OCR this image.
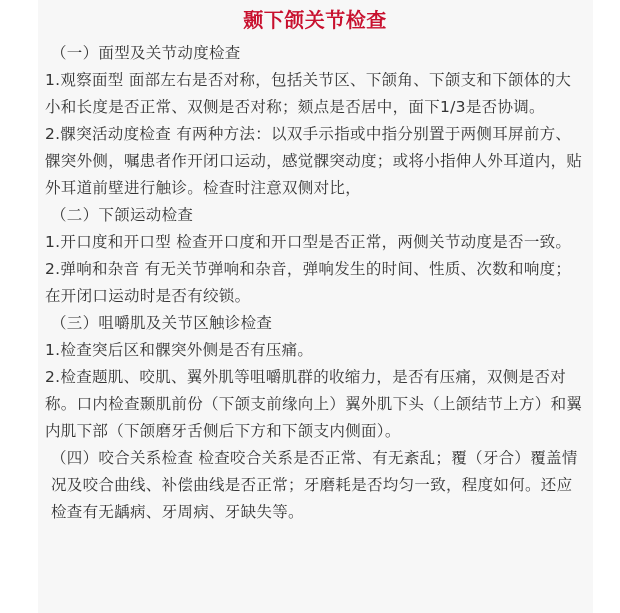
颞下颌关节检查

（一）面型及关节动度检查

1.观察面型 面部左右是否对称，包括关节区、下颌角、下颌支和下颌体的大小和长度是否正常、双侧是否对称；颏点是否居中，面下1/3是否协调。

2.髁突活动度检查 有两种方法：以双手示指或中指分别置于两侧耳屏前方、髁突外侧，嘱患者作开闭口运动，感觉髁突动度；或将小指伸人外耳道内，贴外耳道前壁进行触诊。检查时注意双侧对比，

（二）下颌运动检查

1.开口度和开口型 检查开口度和开口型是否正常，两侧关节动度是否一致。

2.弹响和杂音 有无关节弹响和杂音，弹响发生的时间、性质、次数和响度；在开闭口运动时是否有绞锁。

（三）咀嚼肌及关节区触诊检查

1.检查突后区和髁突外侧是否有压痛。

2.检查题肌、咬肌、翼外肌等咀嚼肌群的收缩力，是否有压痛，双侧是否对称。口内检查颞肌前份（下颌支前缘向上）翼外肌下头（上颌结节上方）和翼内肌下部（下颌磨牙舌侧后下方和下颌支内侧面）。

（四）咬合关系检查 检查咬合关系是否正常、有无紊乱；覆（牙合）覆盖情况及咬合曲线、补偿曲线是否正常；牙磨耗是否均匀一致，程度如何。还应检查有无龋病、牙周病、牙缺失等。
